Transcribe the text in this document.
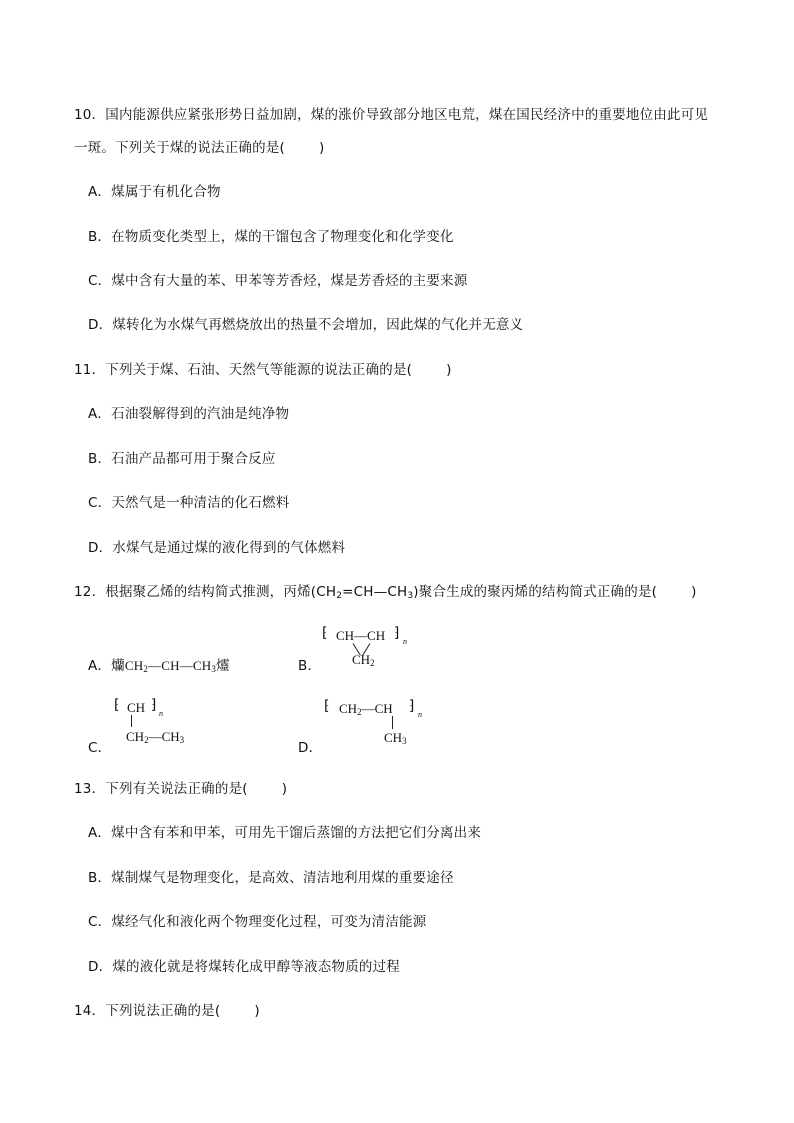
10．国内能源供应紧张形势日益加剧，煤的涨价导致部分地区电荒，煤在国民经济中的重要地位由此可见
一斑。下列关于煤的说法正确的是(	)
A．煤属于有机化合物
B．在物质变化类型上，煤的干馏包含了物理变化和化学变化
C．煤中含有大量的苯、甲苯等芳香烃，煤是芳香烃的主要来源
D．煤转化为水煤气再燃烧放出的热量不会增加，因此煤的气化并无意义
11．下列关于煤、石油、天然气等能源的说法正确的是(	)
A．石油裂解得到的汽油是纯净物
B．石油产品都可用于聚合反应
C．天然气是一种清洁的化石燃料
D．水煤气是通过煤的液化得到的气体燃料
12．根据聚乙烯的结构简式推测，丙烯$(CH_2=CH—CH_3)$聚合生成的聚丙烯的结构简式正确的是(	)
A．爤$CH_2—CH—CH_3$爧	B．
⁅ CH—CH ⁆
n
$CH_2$
C．
⁅ CH ⁆
n
$CH_2—CH_3$	D．
⁅ $CH_2—CH$ ⁆
n
$CH_3$
13．下列有关说法正确的是(	)
A．煤中含有苯和甲苯，可用先干馏后蒸馏的方法把它们分离出来
B．煤制煤气是物理变化，是高效、清洁地利用煤的重要途径
C．煤经气化和液化两个物理变化过程，可变为清洁能源
D．煤的液化就是将煤转化成甲醇等液态物质的过程
14．下列说法正确的是(	)
